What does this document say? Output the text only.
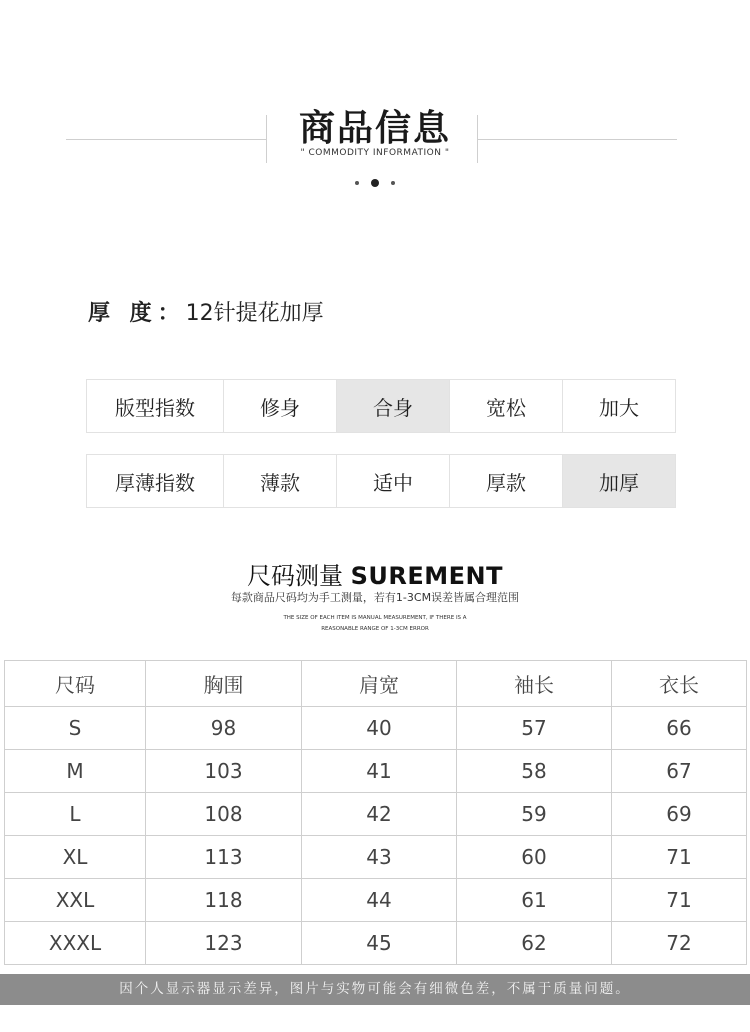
商品信息
" COMMODITY INFORMATION "
厚 度：12针提花加厚
版型指数	修身	合身	宽松	加大
厚薄指数	薄款	适中	厚款	加厚
尺码测量 SUREMENT
每款商品尺码均为手工测量，若有1-3CM误差皆属合理范围
THE SIZE OF EACH ITEM IS MANUAL MEASUREMENT, IF THERE IS A
REASONABLE RANGE OF 1-3CM ERROR
尺码	胸围	肩宽	袖长	衣长
S	98	40	57	66
M	103	41	58	67
L	108	42	59	69
XL	113	43	60	71
XXL	118	44	61	71
XXXL	123	45	62	72
因个人显示器显示差异，图片与实物可能会有细微色差，不属于质量问题。
